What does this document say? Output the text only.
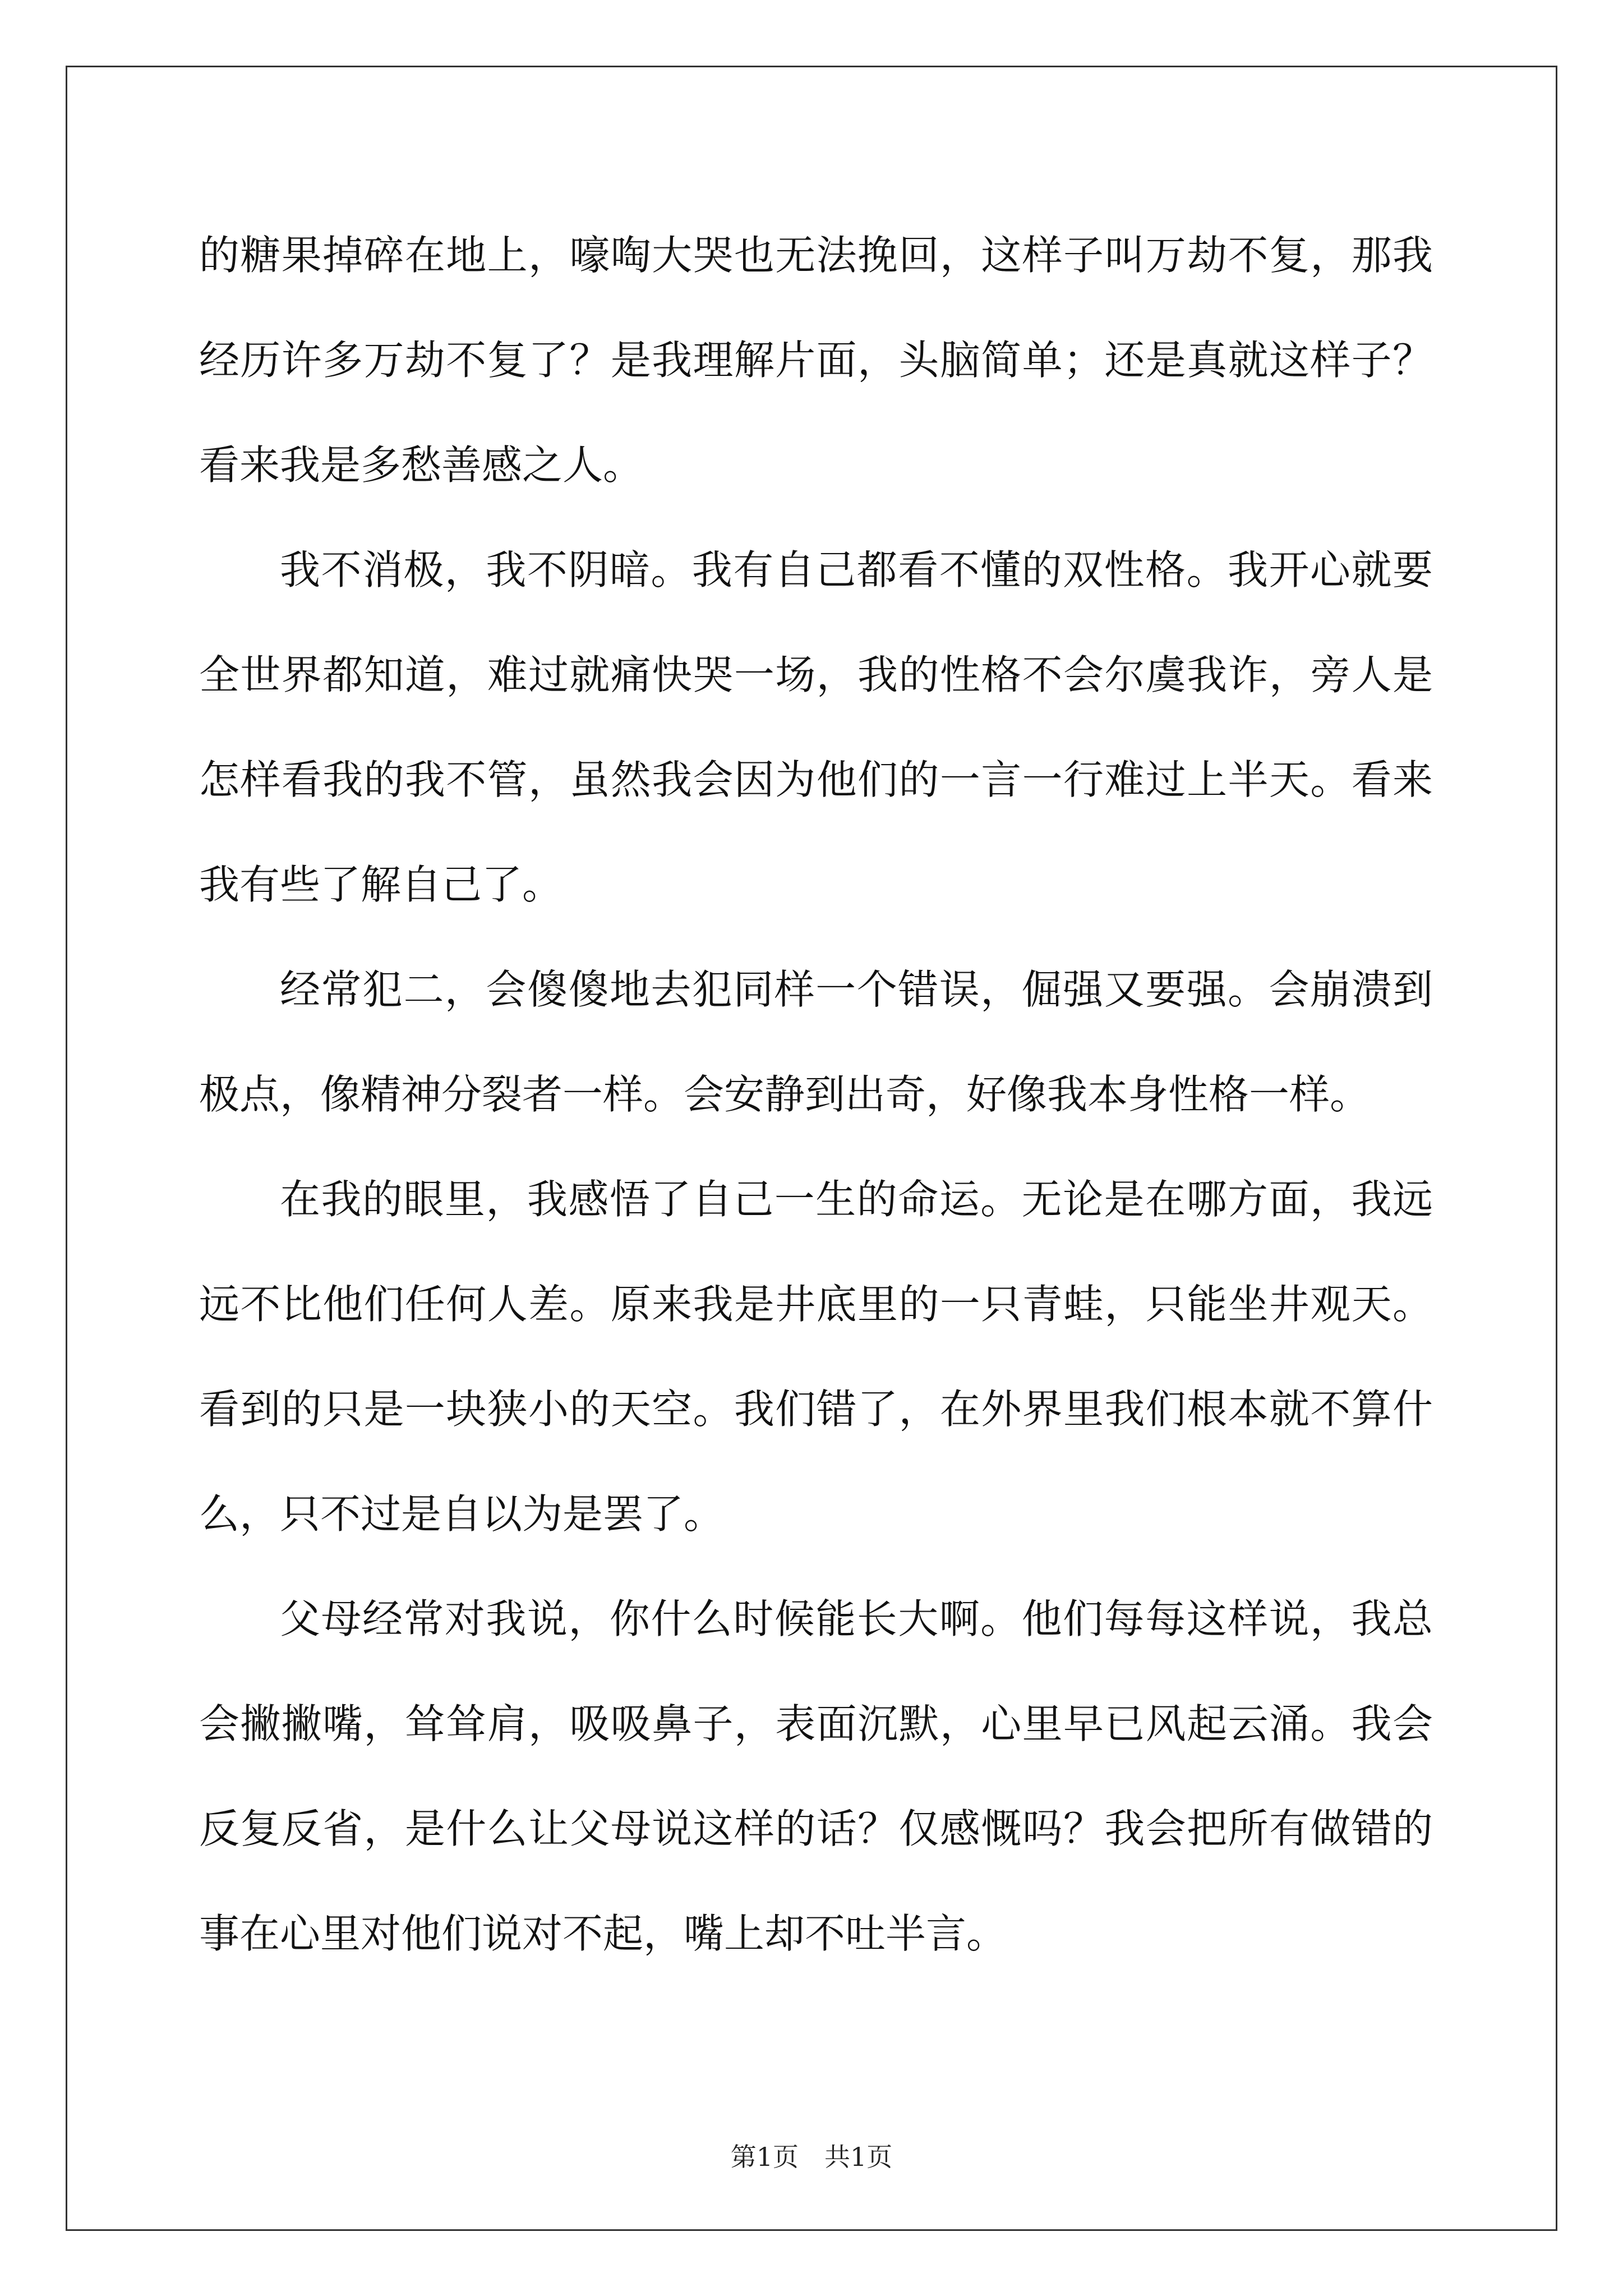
的糖果掉碎在地上，嚎啕大哭也无法挽回，这样子叫万劫不复，那我经历许多万劫不复了？是我理解片面，头脑简单；还是真就这样子？看来我是多愁善感之人。

我不消极，我不阴暗。我有自己都看不懂的双性格。我开心就要全世界都知道，难过就痛快哭一场，我的性格不会尔虞我诈，旁人是怎样看我的我不管，虽然我会因为他们的一言一行难过上半天。看来我有些了解自己了。

经常犯二，会傻傻地去犯同样一个错误，倔强又要强。会崩溃到极点，像精神分裂者一样。会安静到出奇，好像我本身性格一样。

在我的眼里，我感悟了自己一生的命运。无论是在哪方面，我远远不比他们任何人差。原来我是井底里的一只青蛙，只能坐井观天。看到的只是一块狭小的天空。我们错了，在外界里我们根本就不算什么，只不过是自以为是罢了。

父母经常对我说，你什么时候能长大啊。他们每每这样说，我总会撇撇嘴，耸耸肩，吸吸鼻子，表面沉默，心里早已风起云涌。我会反复反省，是什么让父母说这样的话？仅感慨吗？我会把所有做错的事在心里对他们说对不起，嘴上却不吐半言。

第1页 共1页
